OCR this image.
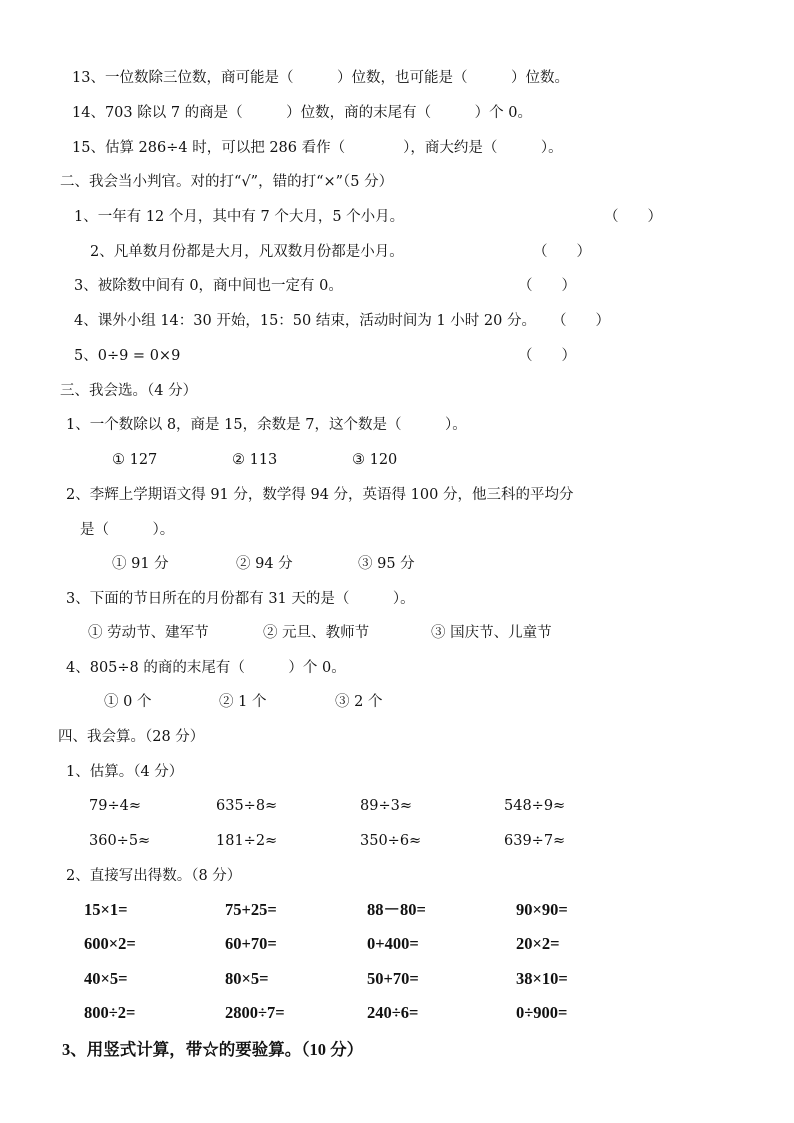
13、一位数除三位数，商可能是（　　　）位数，也可能是（　　　）位数。
14、703 除以 7 的商是（　　　）位数，商的末尾有（　　　）个 0。
15、估算 286÷4 时，可以把 286 看作（　　　　），商大约是（　　　）。
二、我会当小判官。对的打“√”，错的打“×”（5 分）
1、一年有 12 个月，其中有 7 个大月，5 个小月。	（　　）
2、凡单数月份都是大月，凡双数月份都是小月。	（　　）
3、被除数中间有 0，商中间也一定有 0。	（　　）
4、课外小组 14：30 开始，15：50 结束，活动时间为 1 小时 20 分。 （　　）
5、0÷9 = 0×9	（　　）
三、我会选。（4 分）
1、一个数除以 8，商是 15，余数是 7，这个数是（　　　）。
① 127	② 113	③ 120
2、李辉上学期语文得 91 分，数学得 94 分，英语得 100 分，他三科的平均分
是（　　　）。
① 91 分	② 94 分	③ 95 分
3、下面的节日所在的月份都有 31 天的是（　　　）。
① 劳动节、建军节	② 元旦、教师节	③ 国庆节、儿童节
4、805÷8 的商的末尾有（　　　）个 0。
① 0 个	② 1 个	③ 2 个
四、我会算。（28 分）
1、估算。（4 分）
79÷4≈	635÷8≈	89÷3≈	548÷9≈
360÷5≈	181÷2≈	350÷6≈	639÷7≈
2、直接写出得数。（8 分）
15×1=	75+25=	88－80=	90×90=
600×2=	60+70=	0+400=	20×2=
40×5=	80×5=	50+70=	38×10=
800÷2=	2800÷7=	240÷6=	0÷900=
3、用竖式计算，带☆的要验算。（10 分）
